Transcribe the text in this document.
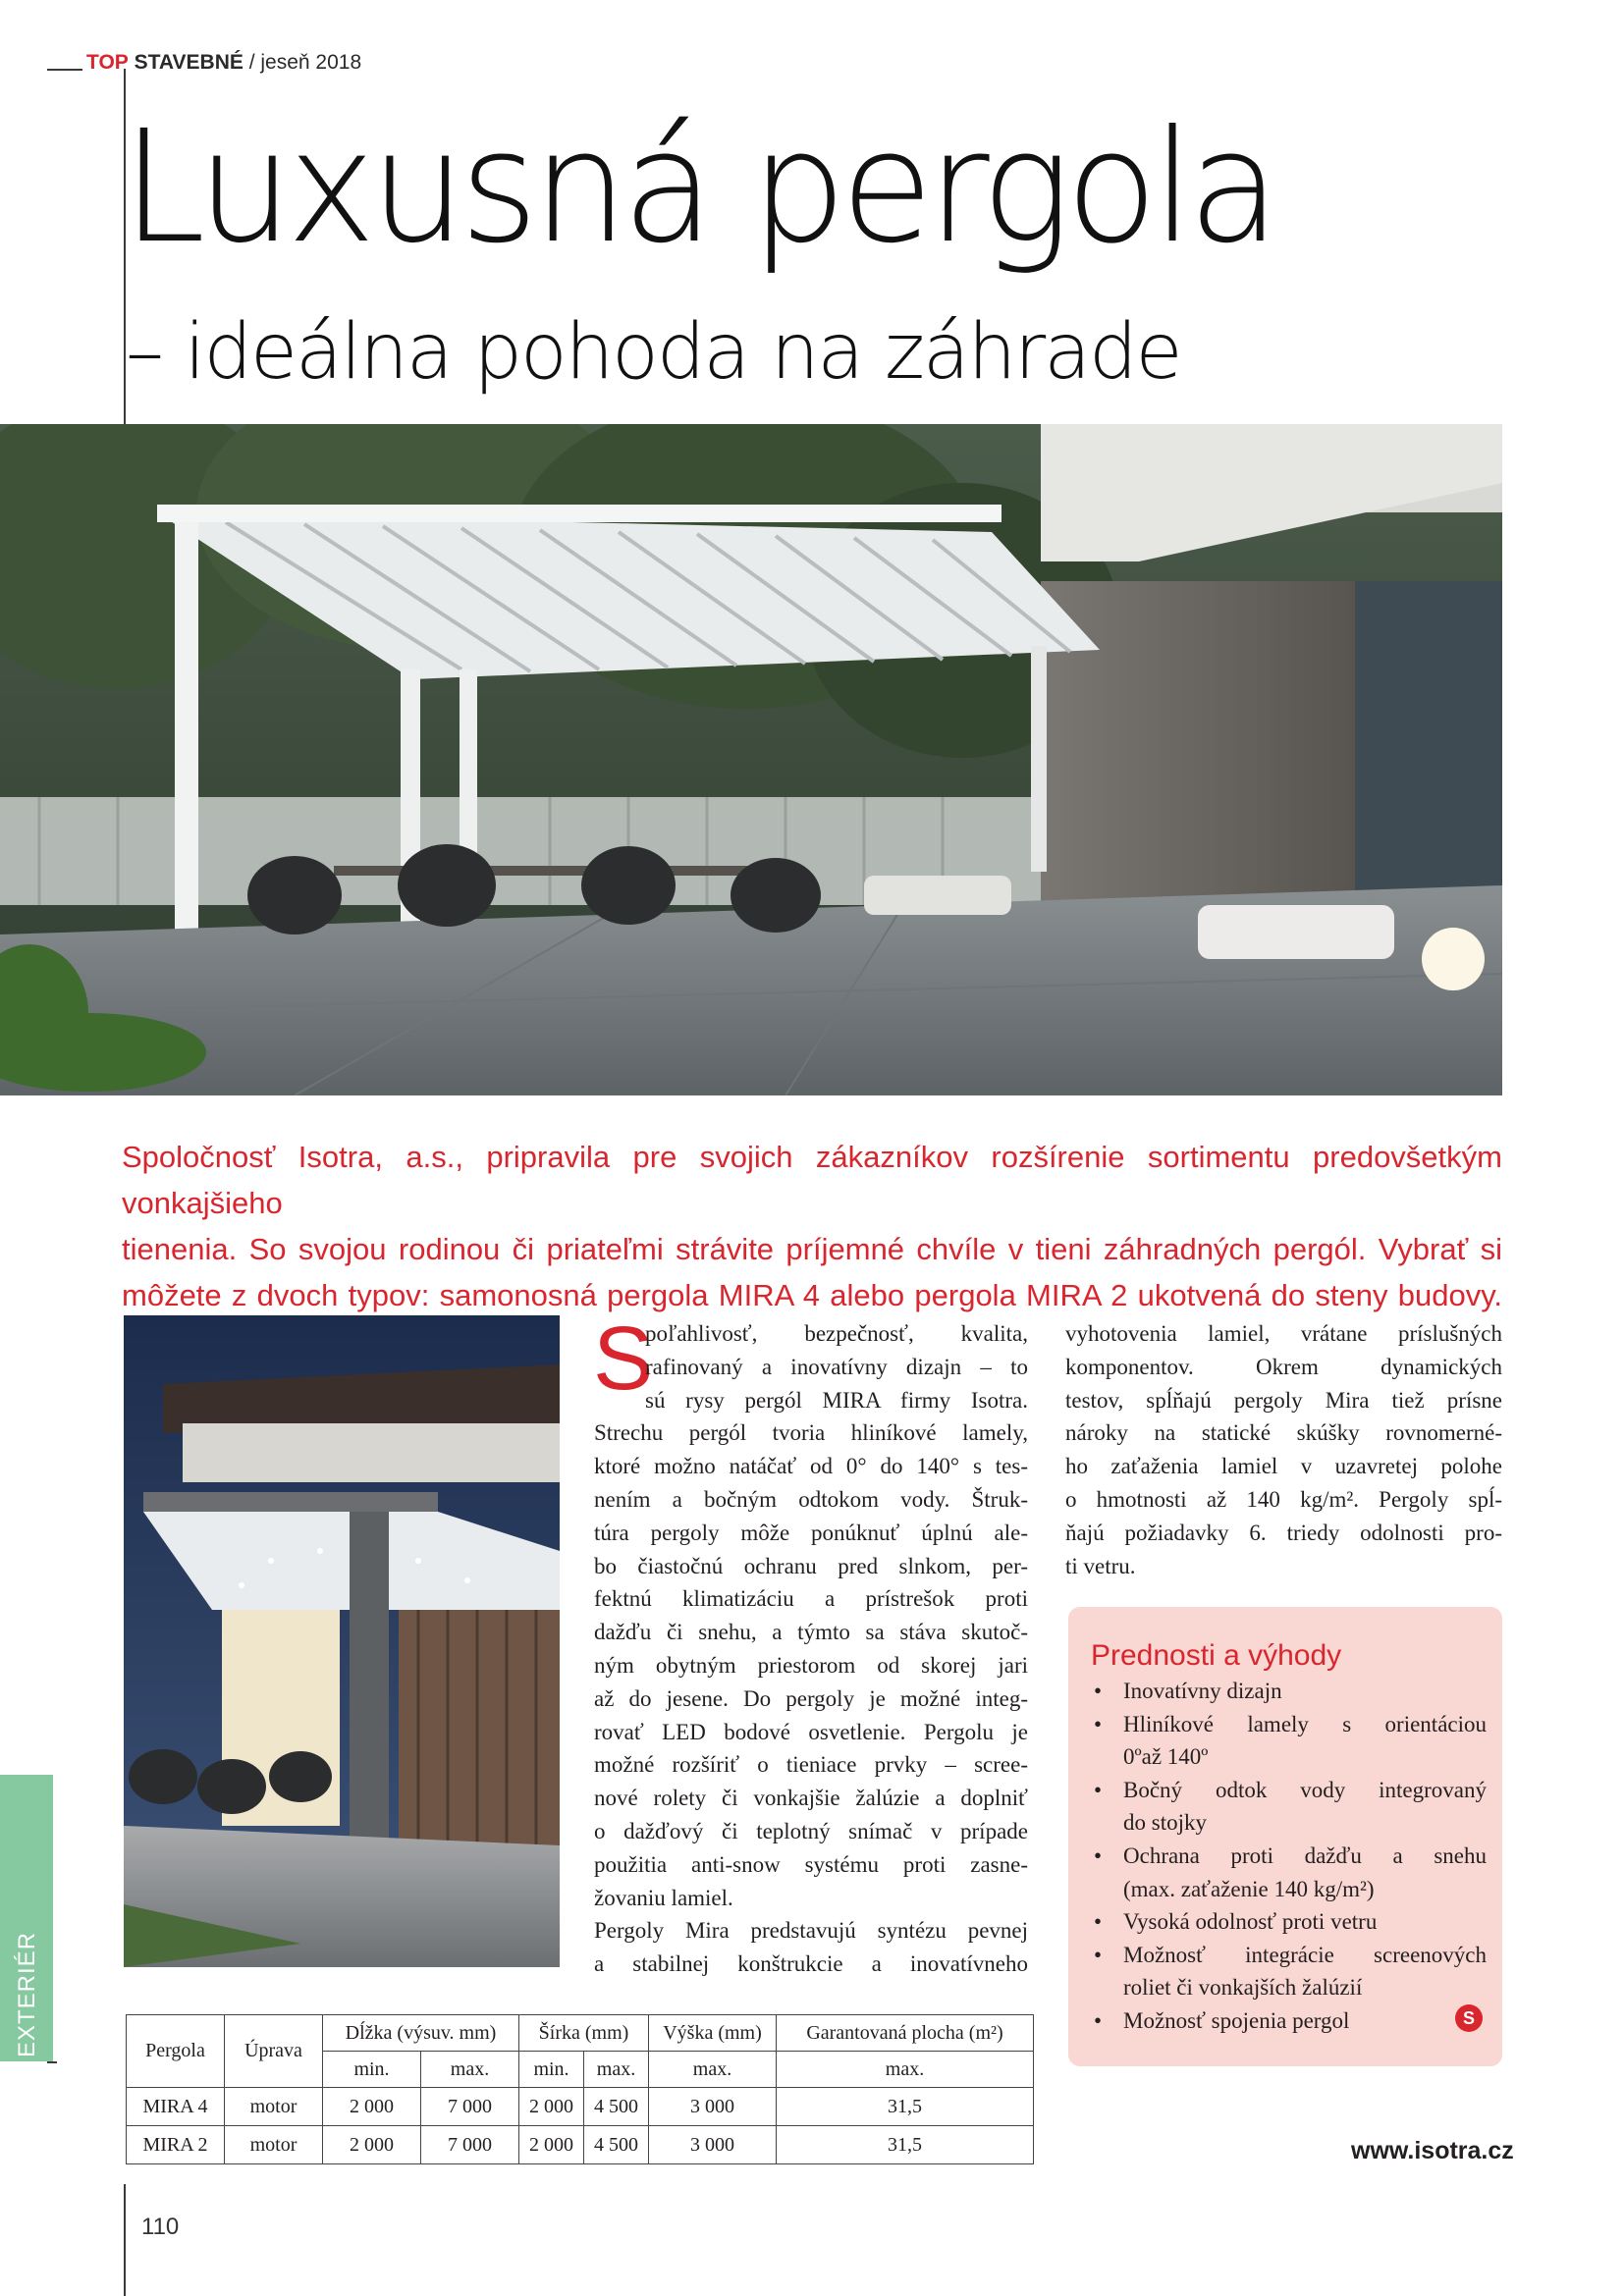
TOP STAVEBNÉ / jeseň 2018
Luxusná pergola
– ideálna pohoda na záhrade
Spoločnosť Isotra, a.s., pripravila pre svojich zákazníkov rozšírenie sortimentu predovšetkým vonkajšieho
tienenia. So svojou rodinou či priateľmi strávite príjemné chvíle v tieni záhradných pergól. Vybrať si
môžete z dvoch typov: samonosná pergola MIRA 4 alebo pergola MIRA 2 ukotvená do steny budovy.
S
poľahlivosť, bezpečnosť, kvalita,
rafinovaný a inovatívny dizajn – to
sú rysy pergól MIRA firmy Isotra.
Strechu pergól tvoria hliníkové lamely,
ktoré možno natáčať od 0° do 140° s tes-
nením a bočným odtokom vody. Štruk-
túra pergoly môže ponúknuť úplnú ale-
bo čiastočnú ochranu pred slnkom, per-
fektnú klimatizáciu a prístrešok proti
dažďu či snehu, a týmto sa stáva skutoč-
ným obytným priestorom od skorej jari
až do jesene. Do pergoly je možné integ-
rovať LED bodové osvetlenie. Pergolu je
možné rozšíriť o tieniace prvky – scree-
nové rolety či vonkajšie žalúzie a doplniť
o dažďový či teplotný snímač v prípade
použitia anti-snow systému proti zasne-
žovaniu lamiel.
Pergoly Mira predstavujú syntézu pevnej
a stabilnej konštrukcie a inovatívneho
vyhotovenia lamiel, vrátane príslušných
komponentov. Okrem dynamických
testov, spĺňajú pergoly Mira tiež prísne
nároky na statické skúšky rovnomerné-
ho zaťaženia lamiel v uzavretej polohe
o hmotnosti až 140 kg/m². Pergoly spĺ-
ňajú požiadavky 6. triedy odolnosti pro-
ti vetru.
Prednosti a výhody
• Inovatívny dizajn
• Hliníkové lamely s orientáciou
0ºaž 140º
• Bočný odtok vody integrovaný
do stojky
• Ochrana proti dažďu a snehu
(max. zaťaženie 140 kg/m²)
• Vysoká odolnosť proti vetru
• Možnosť integrácie screenových
roliet či vonkajších žalúzií
• Možnosť spojenia pergol	S
Pergola	Úprava	Dĺžka (výsuv. mm)		Šírka (mm)		Výška (mm)	Garantovaná plocha (m²)
		min.	max.	min.	max.	max.	max.
MIRA 4	motor	2 000	7 000	2 000	4 500	3 000	31,5
MIRA 2	motor	2 000	7 000	2 000	4 500	3 000	31,5	www.isotra.cz
110
EXTERIÉR
